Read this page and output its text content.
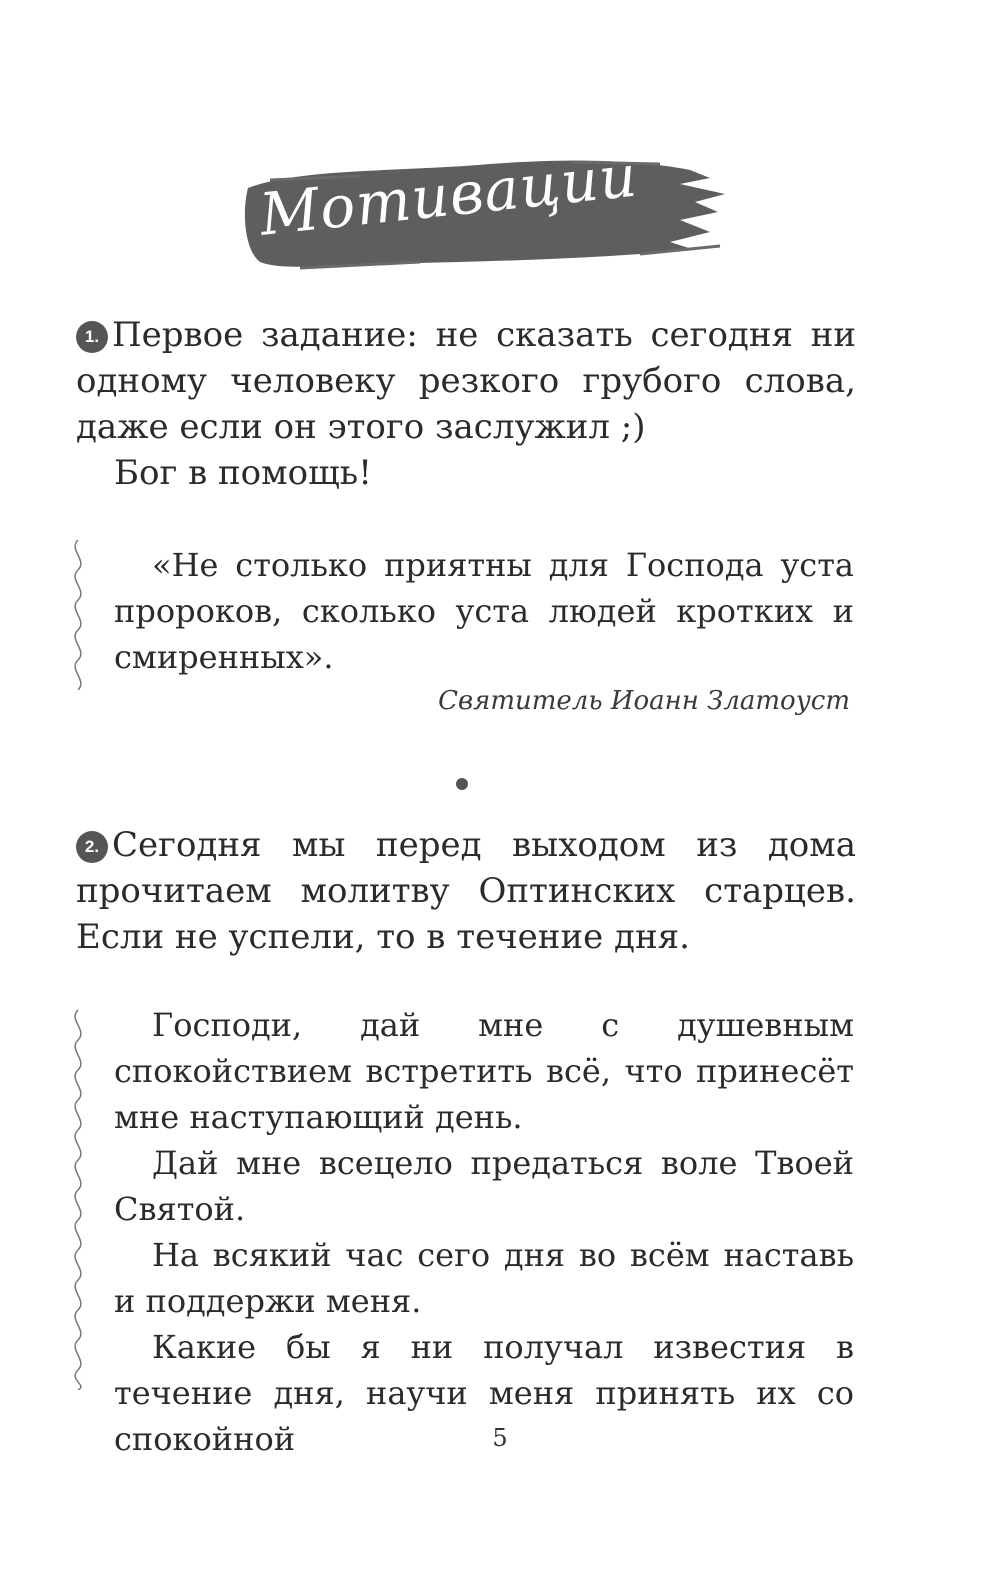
Мотивации

1. Первое задание: не сказать сегодня ни одному человеку резкого грубого слова, даже если он этого заслужил ;)

Бог в помощь!

«Не столько приятны для Господа уста пророков, сколько уста людей кротких и смиренных».

Святитель Иоанн Златоуст

2. Сегодня мы перед выходом из дома прочитаем молитву Оптинских старцев. Если не успели, то в течение дня.

Господи, дай мне с душевным спокойствием встретить всё, что принесёт мне наступающий день.

Дай мне всецело предаться воле Твоей Святой.

На всякий час сего дня во всём наставь и поддержи меня.

Какие бы я ни получал известия в течение дня, научи меня принять их со спокойной	5
